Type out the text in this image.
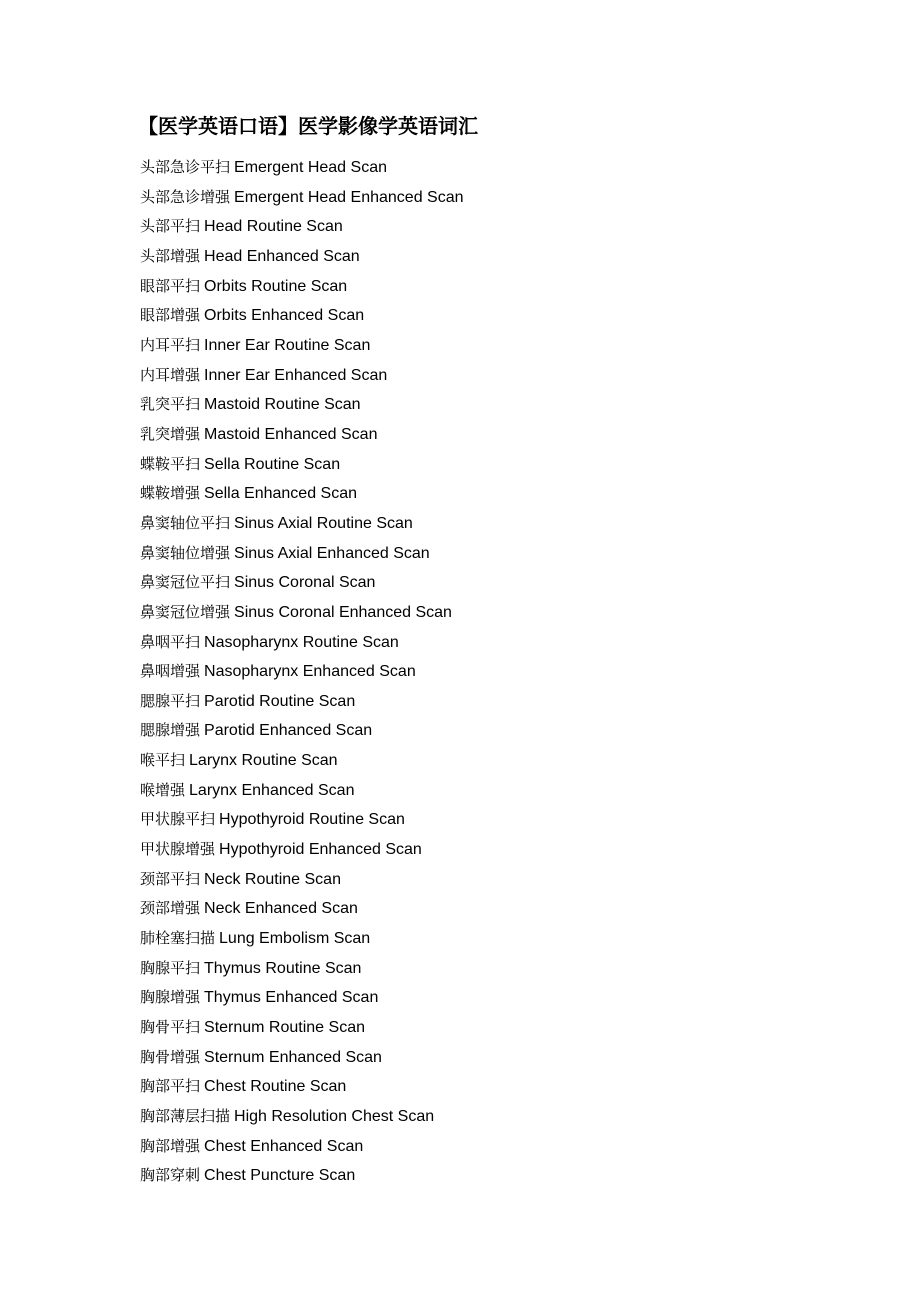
【医学英语口语】医学影像学英语词汇
头部急诊平扫 Emergent Head Scan
头部急诊增强 Emergent Head Enhanced Scan
头部平扫 Head Routine Scan
头部增强 Head Enhanced Scan
眼部平扫 Orbits Routine Scan
眼部增强 Orbits Enhanced Scan
内耳平扫 Inner Ear Routine Scan
内耳增强 Inner Ear Enhanced Scan
乳突平扫 Mastoid Routine Scan
乳突增强 Mastoid Enhanced Scan
蝶鞍平扫 Sella Routine Scan
蝶鞍增强 Sella Enhanced Scan
鼻窦轴位平扫 Sinus Axial Routine Scan
鼻窦轴位增强 Sinus Axial Enhanced Scan
鼻窦冠位平扫 Sinus Coronal Scan
鼻窦冠位增强 Sinus Coronal Enhanced Scan
鼻咽平扫 Nasopharynx Routine Scan
鼻咽增强 Nasopharynx Enhanced Scan
腮腺平扫 Parotid Routine Scan
腮腺增强 Parotid Enhanced Scan
喉平扫 Larynx Routine Scan
喉增强 Larynx Enhanced Scan
甲状腺平扫 Hypothyroid Routine Scan
甲状腺增强 Hypothyroid Enhanced Scan
颈部平扫 Neck Routine Scan
颈部增强 Neck Enhanced Scan
肺栓塞扫描 Lung Embolism Scan
胸腺平扫 Thymus Routine Scan
胸腺增强 Thymus Enhanced Scan
胸骨平扫 Sternum Routine Scan
胸骨增强 Sternum Enhanced Scan
胸部平扫 Chest Routine Scan
胸部薄层扫描 High Resolution Chest Scan
胸部增强 Chest Enhanced Scan
胸部穿刺 Chest Puncture Scan
